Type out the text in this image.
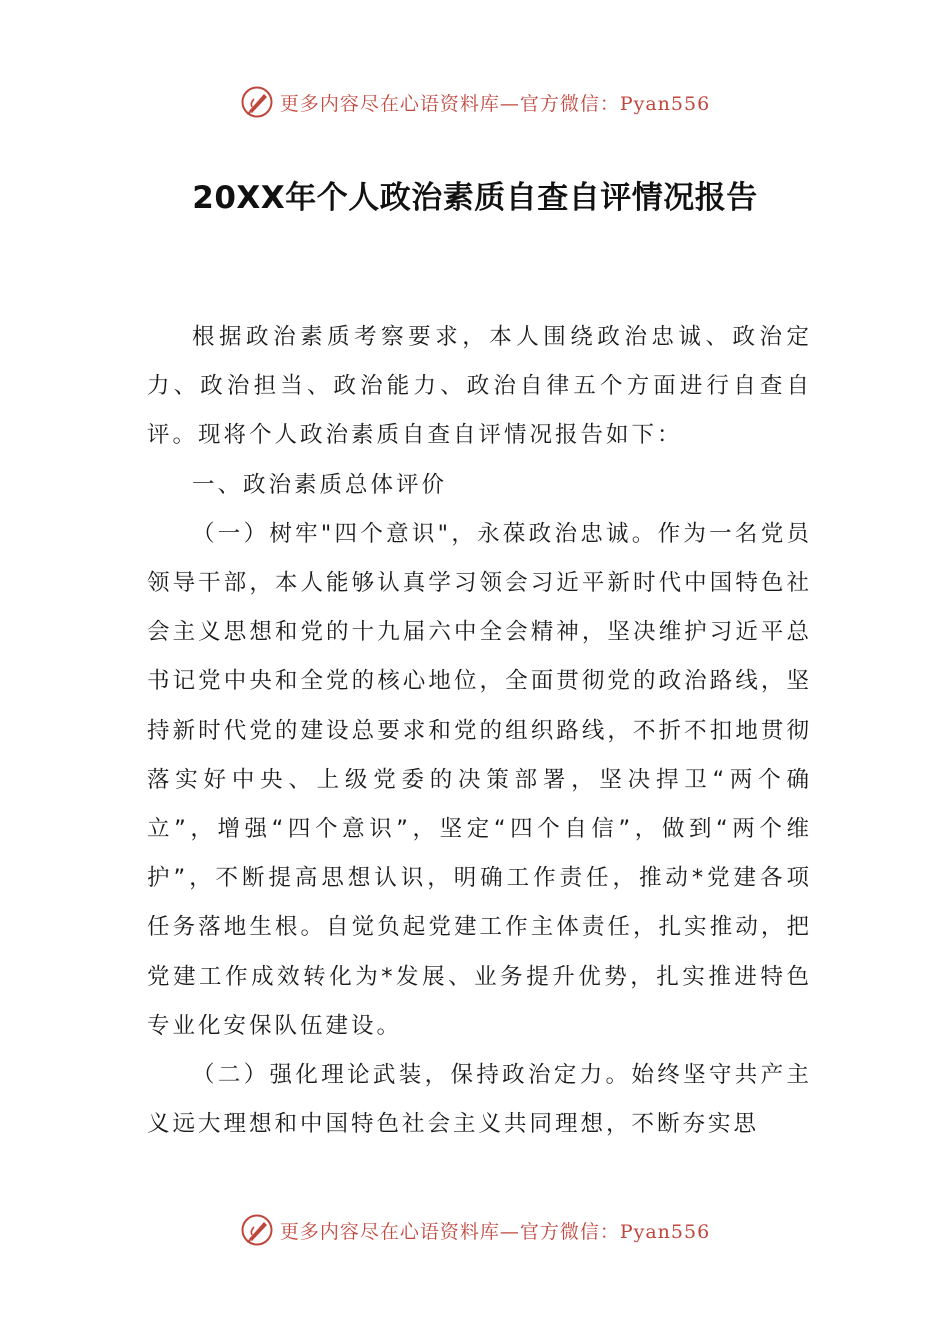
更多内容尽在心语资料库—官方微信：Pyan556
20XX年个人政治素质自查自评情况报告

根据政治素质考察要求，本人围绕政治忠诚、政治定力、政治担当、政治能力、政治自律五个方面进行自查自评。现将个人政治素质自查自评情况报告如下：

一、政治素质总体评价

（一）树牢"四个意识"，永葆政治忠诚。作为一名党员领导干部，本人能够认真学习领会习近平新时代中国特色社会主义思想和党的十九届六中全会精神，坚决维护习近平总书记党中央和全党的核心地位，全面贯彻党的政治路线，坚持新时代党的建设总要求和党的组织路线，不折不扣地贯彻落实好中央、上级党委的决策部署，坚决捍卫“两个确立”，增强“四个意识”，坚定“四个自信”，做到“两个维护”，不断提高思想认识，明确工作责任，推动*党建各项任务落地生根。自觉负起党建工作主体责任，扎实推动，把党建工作成效转化为*发展、业务提升优势，扎实推进特色专业化安保队伍建设。

（二）强化理论武装，保持政治定力。始终坚守共产主义远大理想和中国特色社会主义共同理想，不断夯实思

更多内容尽在心语资料库—官方微信：Pyan556
